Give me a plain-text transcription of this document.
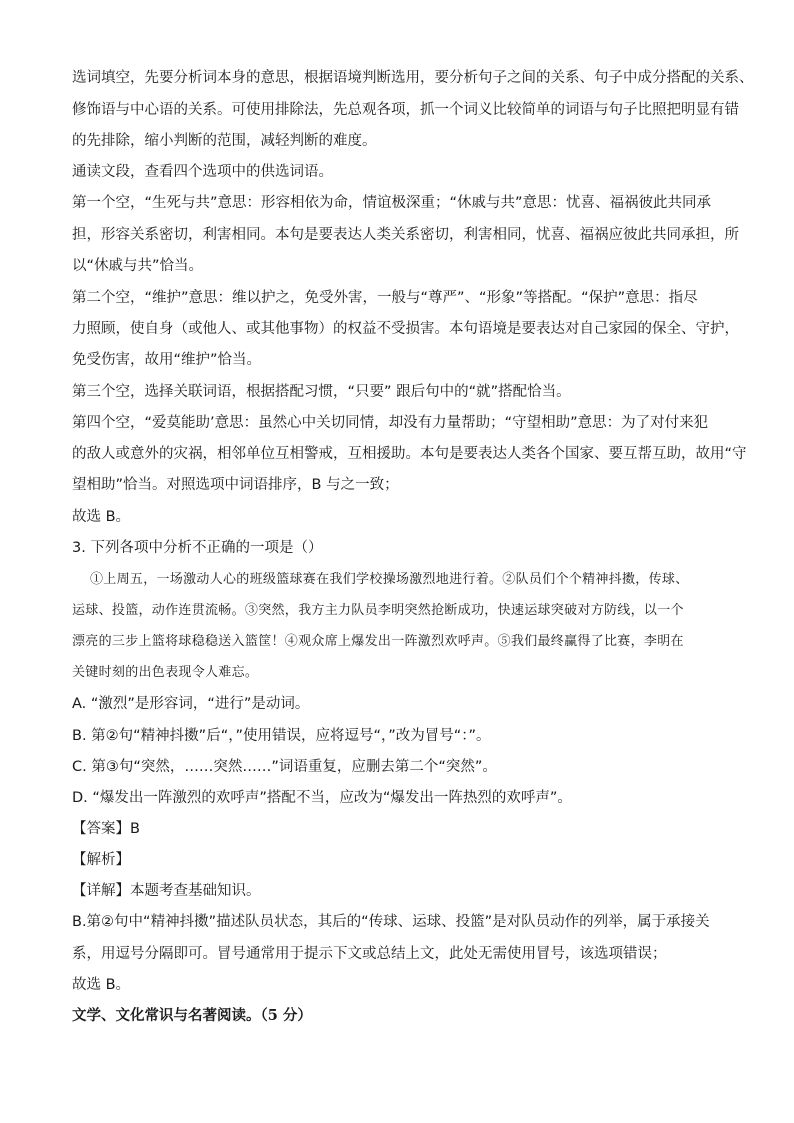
选词填空，先要分析词本身的意思，根据语境判断选用，要分析句子之间的关系、句子中成分搭配的关系、
修饰语与中心语的关系。可使用排除法，先总观各项，抓一个词义比较简单的词语与句子比照把明显有错
的先排除，缩小判断的范围，减轻判断的难度。
通读文段，查看四个选项中的供选词语。
第一个空，“生死与共”意思：形容相依为命，情谊极深重；“休戚与共”意思：忧喜、福祸彼此共同承
担，形容关系密切，利害相同。本句是要表达人类关系密切，利害相同，忧喜、福祸应彼此共同承担，所
以“休戚与共”恰当。
第二个空，“维护”意思：维以护之，免受外害，一般与“尊严”、“形象”等搭配。“保护”意思：指尽
力照顾，使自身（或他人、或其他事物）的权益不受损害。本句语境是要表达对自己家园的保全、守护，
免受伤害，故用“维护”恰当。
第三个空，选择关联词语，根据搭配习惯，“只要” 跟后句中的“就”搭配恰当。
第四个空，“爱莫能助’意思：虽然心中关切同情，却没有力量帮助；“守望相助”意思：为了对付来犯
的敌人或意外的灾祸，相邻单位互相警戒，互相援助。本句是要表达人类各个国家、要互帮互助，故用“守
望相助”恰当。对照选项中词语排序，B 与之一致；
故选 B。
3. 下列各项中分析不正确的一项是（）
①上周五，一场激动人心的班级篮球赛在我们学校操场激烈地进行着。②队员们个个精神抖擞，传球、
运球、投篮，动作连贯流畅。③突然，我方主力队员李明突然抢断成功，快速运球突破对方防线，以一个
漂亮的三步上篮将球稳稳送入篮筐！④观众席上爆发出一阵激烈欢呼声。⑤我们最终赢得了比赛，李明在
关键时刻的出色表现令人难忘。
A. “激烈”是形容词，“进行”是动词。
B. 第②句“精神抖擞”后“，”使用错误，应将逗号“，”改为冒号“：”。
C. 第③句“突然，……突然……”词语重复，应删去第二个“突然”。
D. “爆发出一阵激烈的欢呼声”搭配不当，应改为“爆发出一阵热烈的欢呼声”。
【答案】B
【解析】
【详解】本题考查基础知识。
B.第②句中“精神抖擞”描述队员状态，其后的“传球、运球、投篮”是对队员动作的列举，属于承接关
系，用逗号分隔即可。冒号通常用于提示下文或总结上文，此处无需使用冒号，该选项错误；
故选 B。
文学、文化常识与名著阅读。（5 分）
